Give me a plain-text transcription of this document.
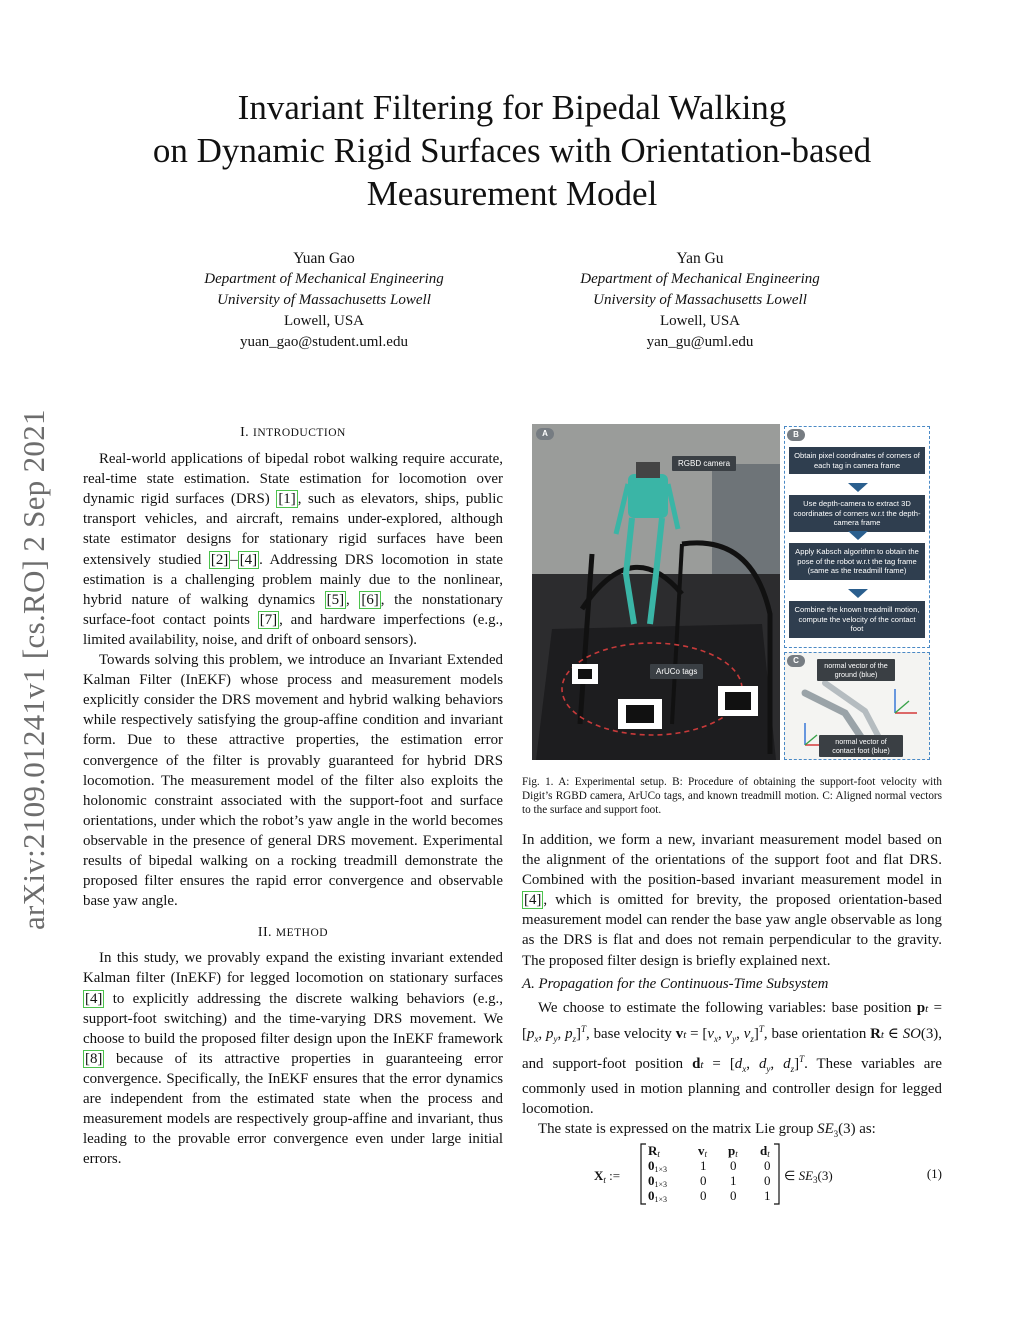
arXiv:2109.01241v1 [cs.RO] 2 Sep 2021
Invariant Filtering for Bipedal Walking
on Dynamic Rigid Surfaces with Orientation-based
Measurement Model
Yuan Gao
Department of Mechanical Engineering
University of Massachusetts Lowell
Lowell, USA
yuan_gao@student.uml.edu
Yan Gu
Department of Mechanical Engineering
University of Massachusetts Lowell
Lowell, USA
yan_gu@uml.edu

I. INTRODUCTION

Real-world applications of bipedal robot walking require accurate, real-time state estimation. State estimation for locomotion over dynamic rigid surfaces (DRS) [1] , such as elevators, ships, public transport vehicles, and aircraft, remains under-explored, although state estimator designs for stationary rigid surfaces have been extensively studied [2] – [4] . Addressing DRS locomotion in state estimation is a challenging problem mainly due to the nonlinear, hybrid nature of walking dynamics [5] , [6] , the nonstationary surface-foot contact points [7] , and hardware imperfections (e.g., limited availability, noise, and drift of onboard sensors).

Towards solving this problem, we introduce an Invariant Extended Kalman Filter (InEKF) whose process and measurement models explicitly consider the DRS movement and hybrid walking behaviors while respectively satisfying the group-affine condition and invariant form. Due to these attractive properties, the estimation error convergence of the filter is provably guaranteed for hybrid DRS locomotion. The measurement model of the filter also exploits the holonomic constraint associated with the support-foot and surface orientations, under which the robot’s yaw angle in the world becomes observable in the presence of general DRS movement. Experimental results of bipedal walking on a rocking treadmill demonstrate the proposed filter ensures the rapid error convergence and observable base yaw angle.

II. METHOD

In this study, we provably expand the existing invariant extended Kalman filter (InEKF) for legged locomotion on stationary surfaces [4] to explicitly addressing the discrete walking behaviors (e.g., support-foot switching) and the time-varying DRS movement. We choose to build the proposed filter design upon the InEKF framework [8] because of its attractive properties in guaranteeing error convergence. Specifically, the InEKF ensures that the error dynamics are independent from the estimated state when the process and measurement models are respectively group-affine and invariant, thus leading to the provable error convergence even under large initial errors.

A
RGBD camera
ArUCo tags
B
Obtain pixel coordinates of corners of each tag in camera frame
Use depth-camera to extract 3D coordinates of corners w.r.t the depth-camera frame
Apply Kabsch algorithm to obtain the pose of the robot w.r.t the tag frame (same as the treadmill frame)
Combine the known treadmill motion, compute the velocity of the contact foot
C
normal vector of the ground (blue)
normal vector of contact foot (blue)
Fig. 1. A: Experimental setup. B: Procedure of obtaining the support-foot velocity with Digit’s RGBD camera, ArUCo tags, and known treadmill motion. C: Aligned normal vectors to the surface and support foot.

In addition, we form a new, invariant measurement model based on the alignment of the orientations of the support foot and flat DRS. Combined with the position-based invariant measurement model in [4] , which is omitted for brevity, the proposed orientation-based measurement model can render the base yaw angle observable as long as the DRS is flat and does not remain perpendicular to the gravity. The proposed filter design is briefly explained next.

A. Propagation for the Continuous-Time Subsystem

We choose to estimate the following variables: base position pt = [$p_x$, $p_y$, $p_z]^T$, base velocity vt = [$v_x$, $v_y$, $v_z]^T$, base orientation Rt ∈ SO(3), and support-foot position dt = [$d_x$, $d_y$, $d_z]^T$. These variables are commonly used in motion planning and controller design for legged locomotion.

The state is expressed on the matrix Lie group $SE_3(3)$ as:

$X_t$ :=
Rt
01×3
01×3
01×3
vt
1
0
0
pt
0
1
0
dt
0
0
1
∈ $SE_3(3)$	(1)
